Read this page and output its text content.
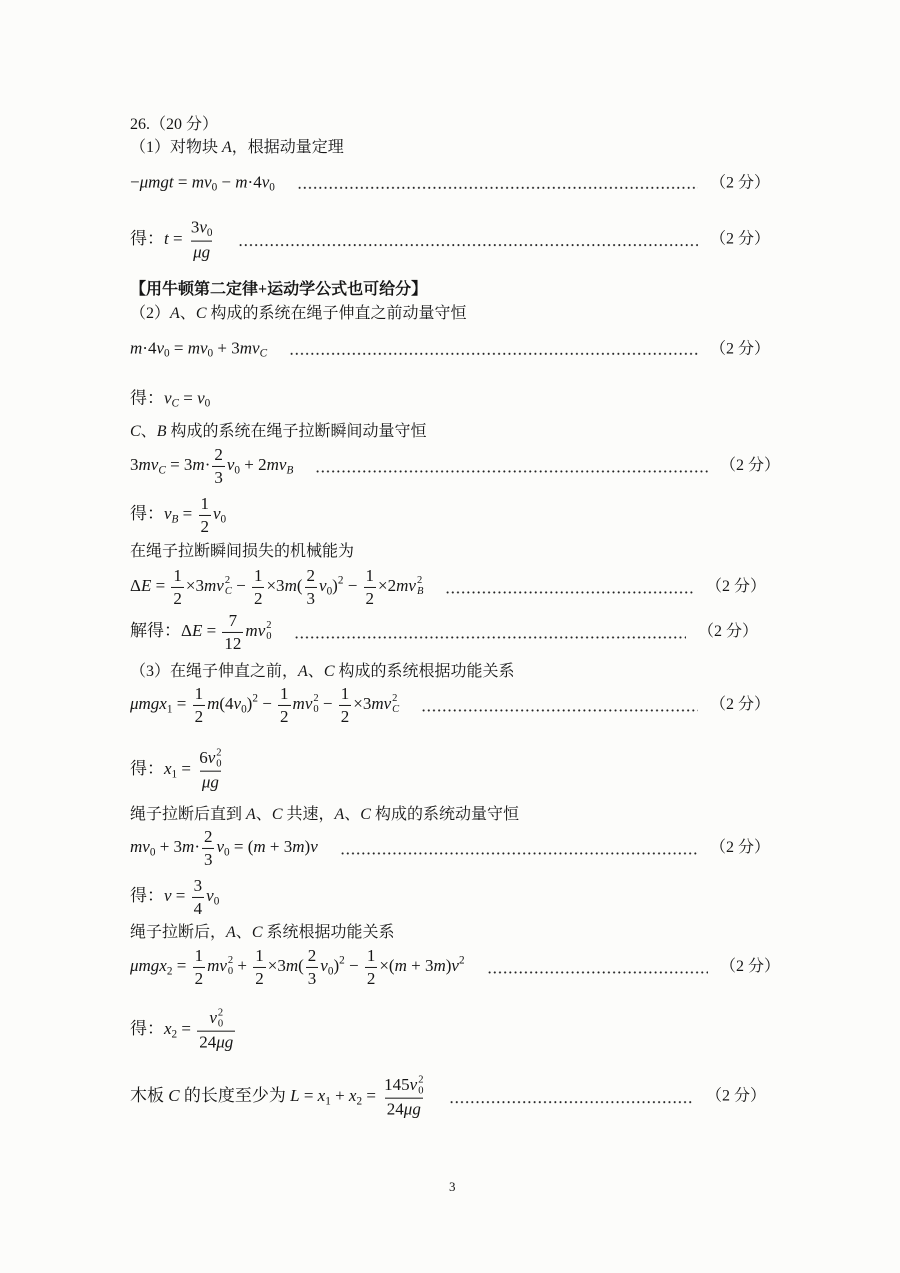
26.（20 分）
（1）对物块 A，根据动量定理
−μmgt = mv0 − m·4v0	（2 分）
得：$t = \frac{3v0}{\mu g}$	（2 分）
【用牛顿第二定律+运动学公式也可给分】
（2）A、C 构成的系统在绳子伸直之前动量守恒
m·4v0 = mv0 + 3mvC	（2 分）
得：vC = v0
C、B 构成的系统在绳子拉断瞬间动量守恒
$3mvC = 3m\cdot \frac{2}{3} v0 + 2mvB$	（2 分）
得：vB = $\frac{1}{2} v0$
在绳子拉断瞬间损失的机械能为
$\Delta E = \frac{1}{2} \times 3mv$ 2
$C - \frac{1}{2} \times 3m( \frac{2}{3} v0)^2 - \frac{1}{2} \times 2mv$ 2
B	（2 分）
解得：$\Delta E = \frac{7}{12}$ mv 2
0	（2 分）
（3）在绳子伸直之前，A、C 构成的系统根据功能关系
$\mu mgx1 = \frac{1}{2} m(4v0)^2 - \frac{1}{2}$ mv 2
$0 - \frac{1}{2} \times 3mv$ 2
C	（2 分）
得：x1 = 6v 2
0
μg
绳子拉断后直到 A、C 共速，A、C 构成的系统动量守恒
$mv0 + 3m\cdot \frac{2}{3} v0 = (m + 3m)v$	（2 分）
得：$v = \frac{3}{4} v0$
绳子拉断后，A、C 系统根据功能关系
$\mu mgx2 = \frac{1}{2}$ mv 2
$0 + \frac{1}{2} \times 3m( \frac{2}{3} v0)^2 - \frac{1}{2} \times(m + 3m)v^2$	（2 分）
得：x2 = v 2
0
24μg
木板 C 的长度至少为 L = x1 + x2 = 145v 2
0
24μg	（2 分）
3
